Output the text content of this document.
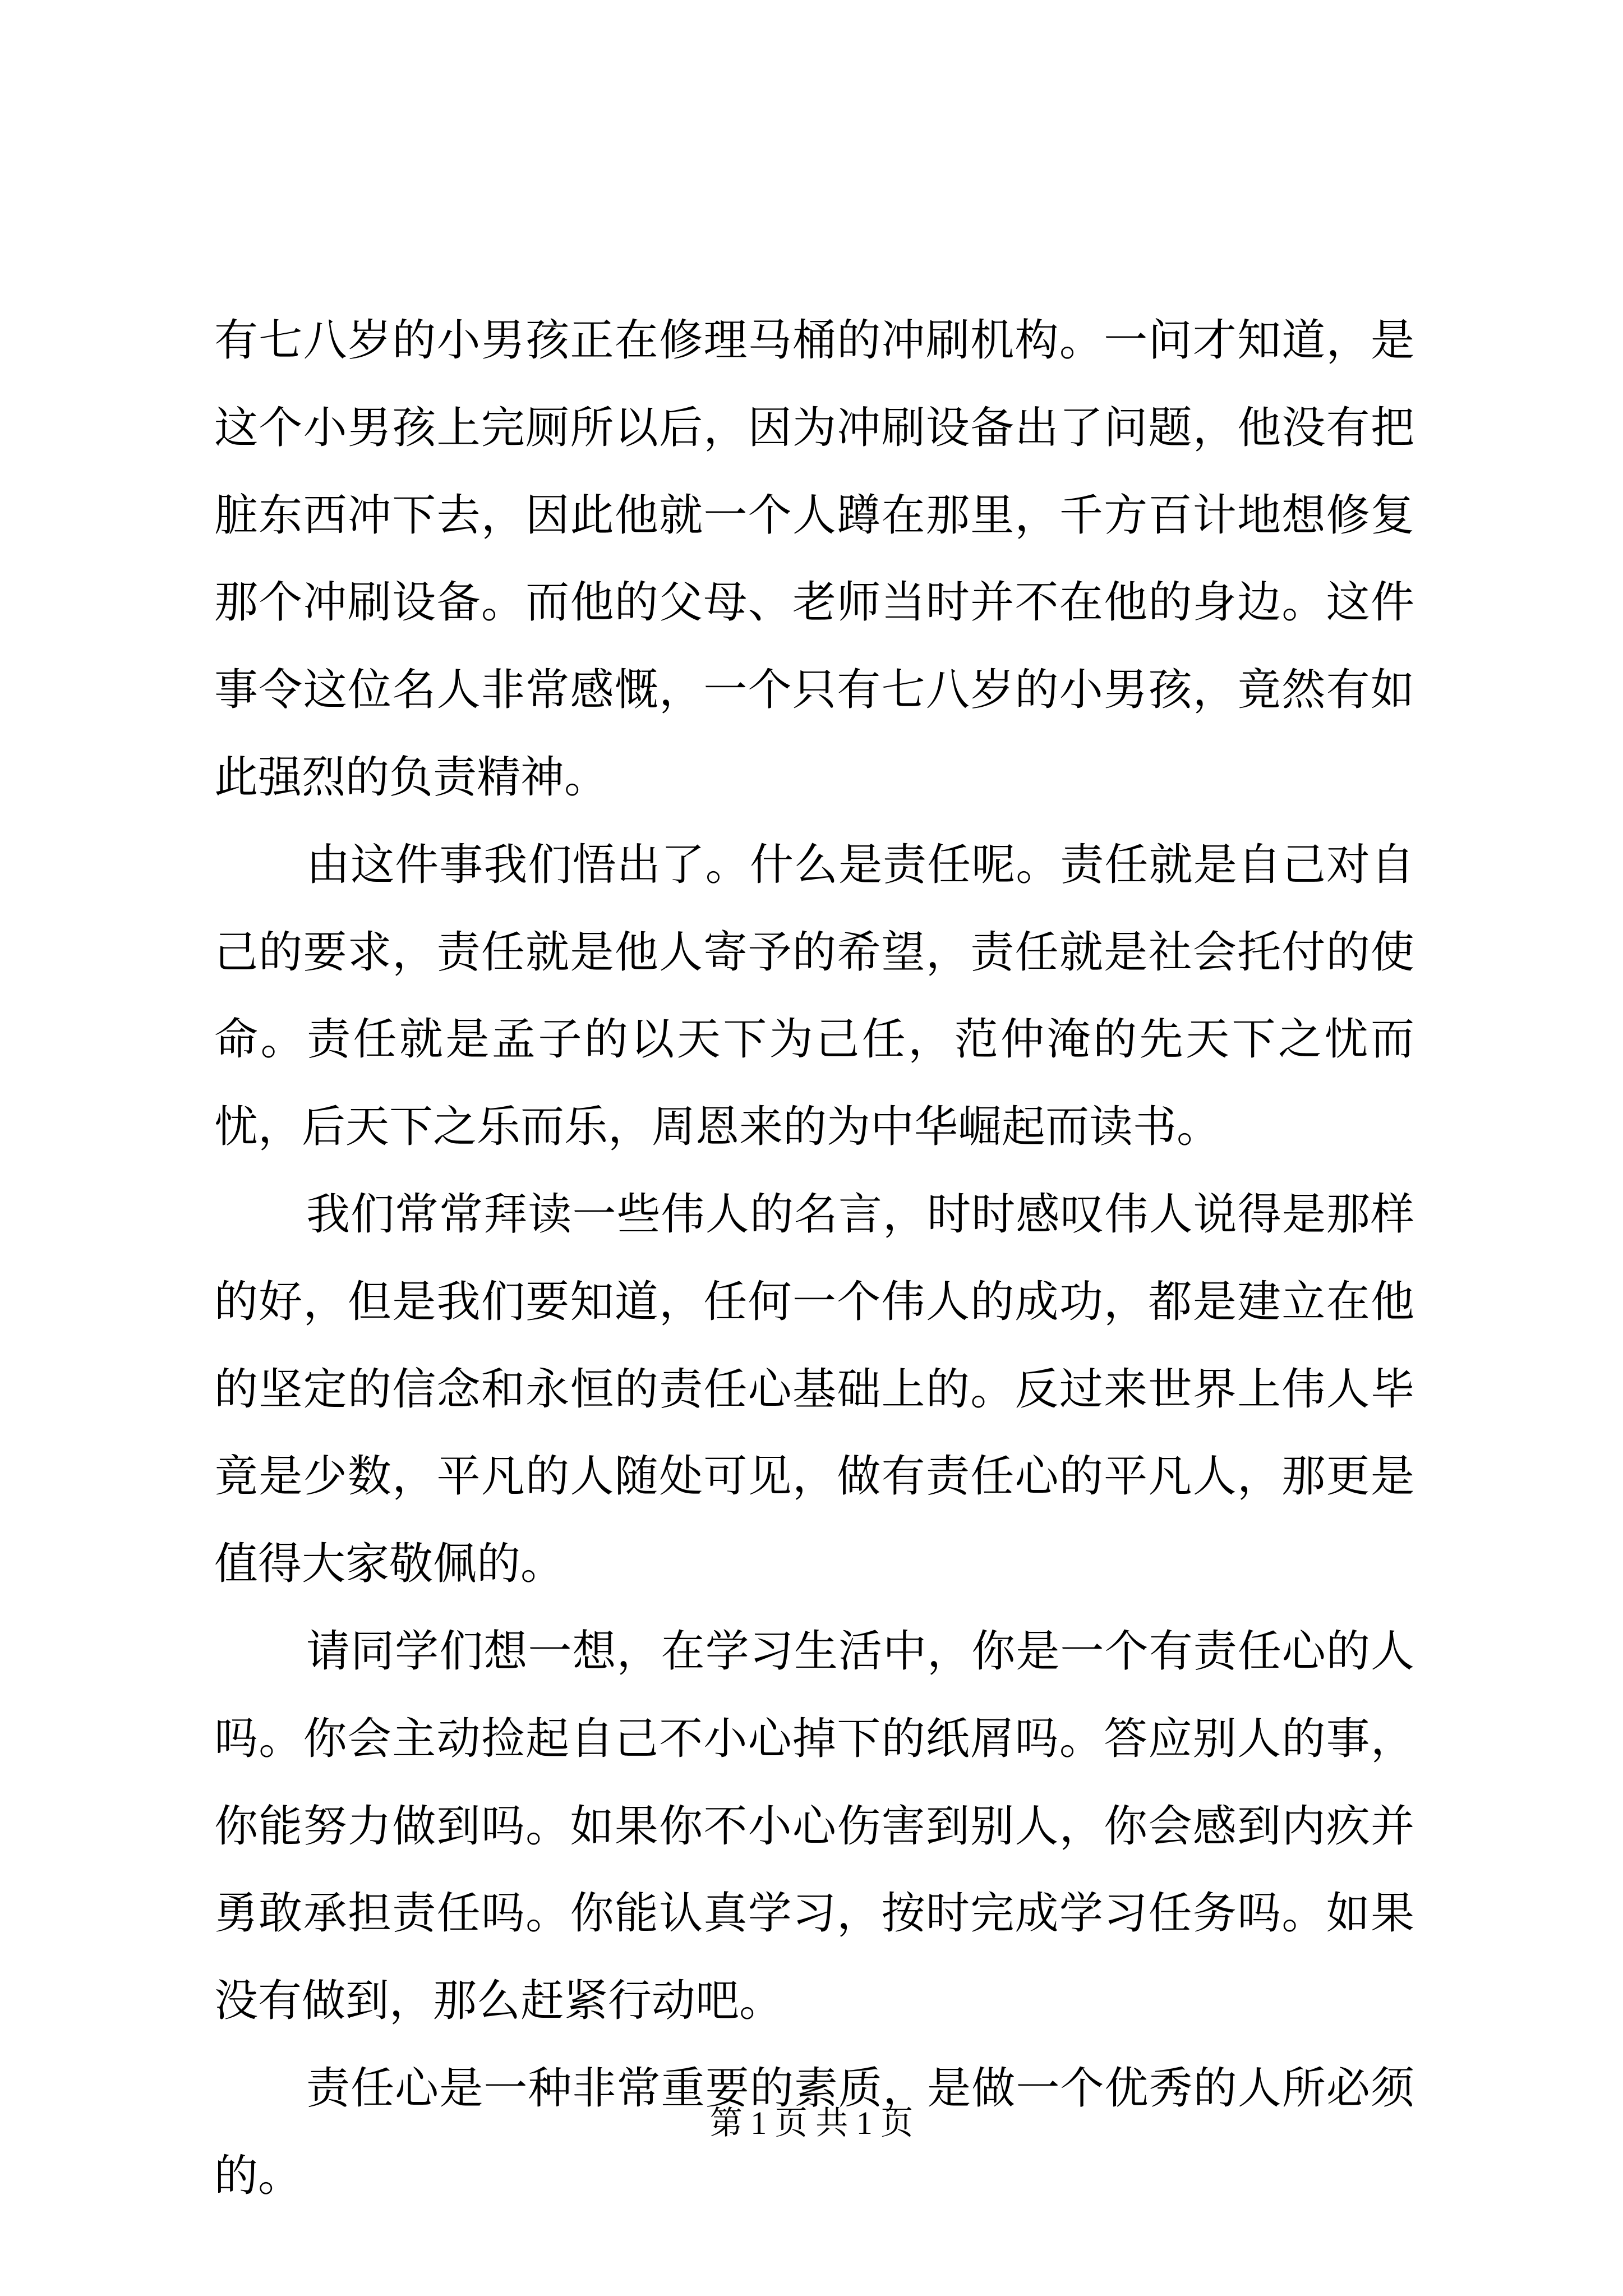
有七八岁的小男孩正在修理马桶的冲刷机构。一问才知道，是这个小男孩上完厕所以后，因为冲刷设备出了问题，他没有把脏东西冲下去，因此他就一个人蹲在那里，千方百计地想修复那个冲刷设备。而他的父母、老师当时并不在他的身边。这件事令这位名人非常感慨，一个只有七八岁的小男孩，竟然有如此强烈的负责精神。

由这件事我们悟出了。什么是责任呢。责任就是自己对自己的要求，责任就是他人寄予的希望，责任就是社会托付的使命。责任就是孟子的以天下为己任，范仲淹的先天下之忧而忧，后天下之乐而乐，周恩来的为中华崛起而读书。

我们常常拜读一些伟人的名言，时时感叹伟人说得是那样的好，但是我们要知道，任何一个伟人的成功，都是建立在他的坚定的信念和永恒的责任心基础上的。反过来世界上伟人毕竟是少数，平凡的人随处可见，做有责任心的平凡人，那更是值得大家敬佩的。

请同学们想一想，在学习生活中，你是一个有责任心的人吗。你会主动捡起自己不小心掉下的纸屑吗。答应别人的事，你能努力做到吗。如果你不小心伤害到别人，你会感到内疚并勇敢承担责任吗。你能认真学习，按时完成学习任务吗。如果没有做到，那么赶紧行动吧。

责任心是一种非常重要的素质，是做一个优秀的人所必须的。

第 1 页 共 1 页
